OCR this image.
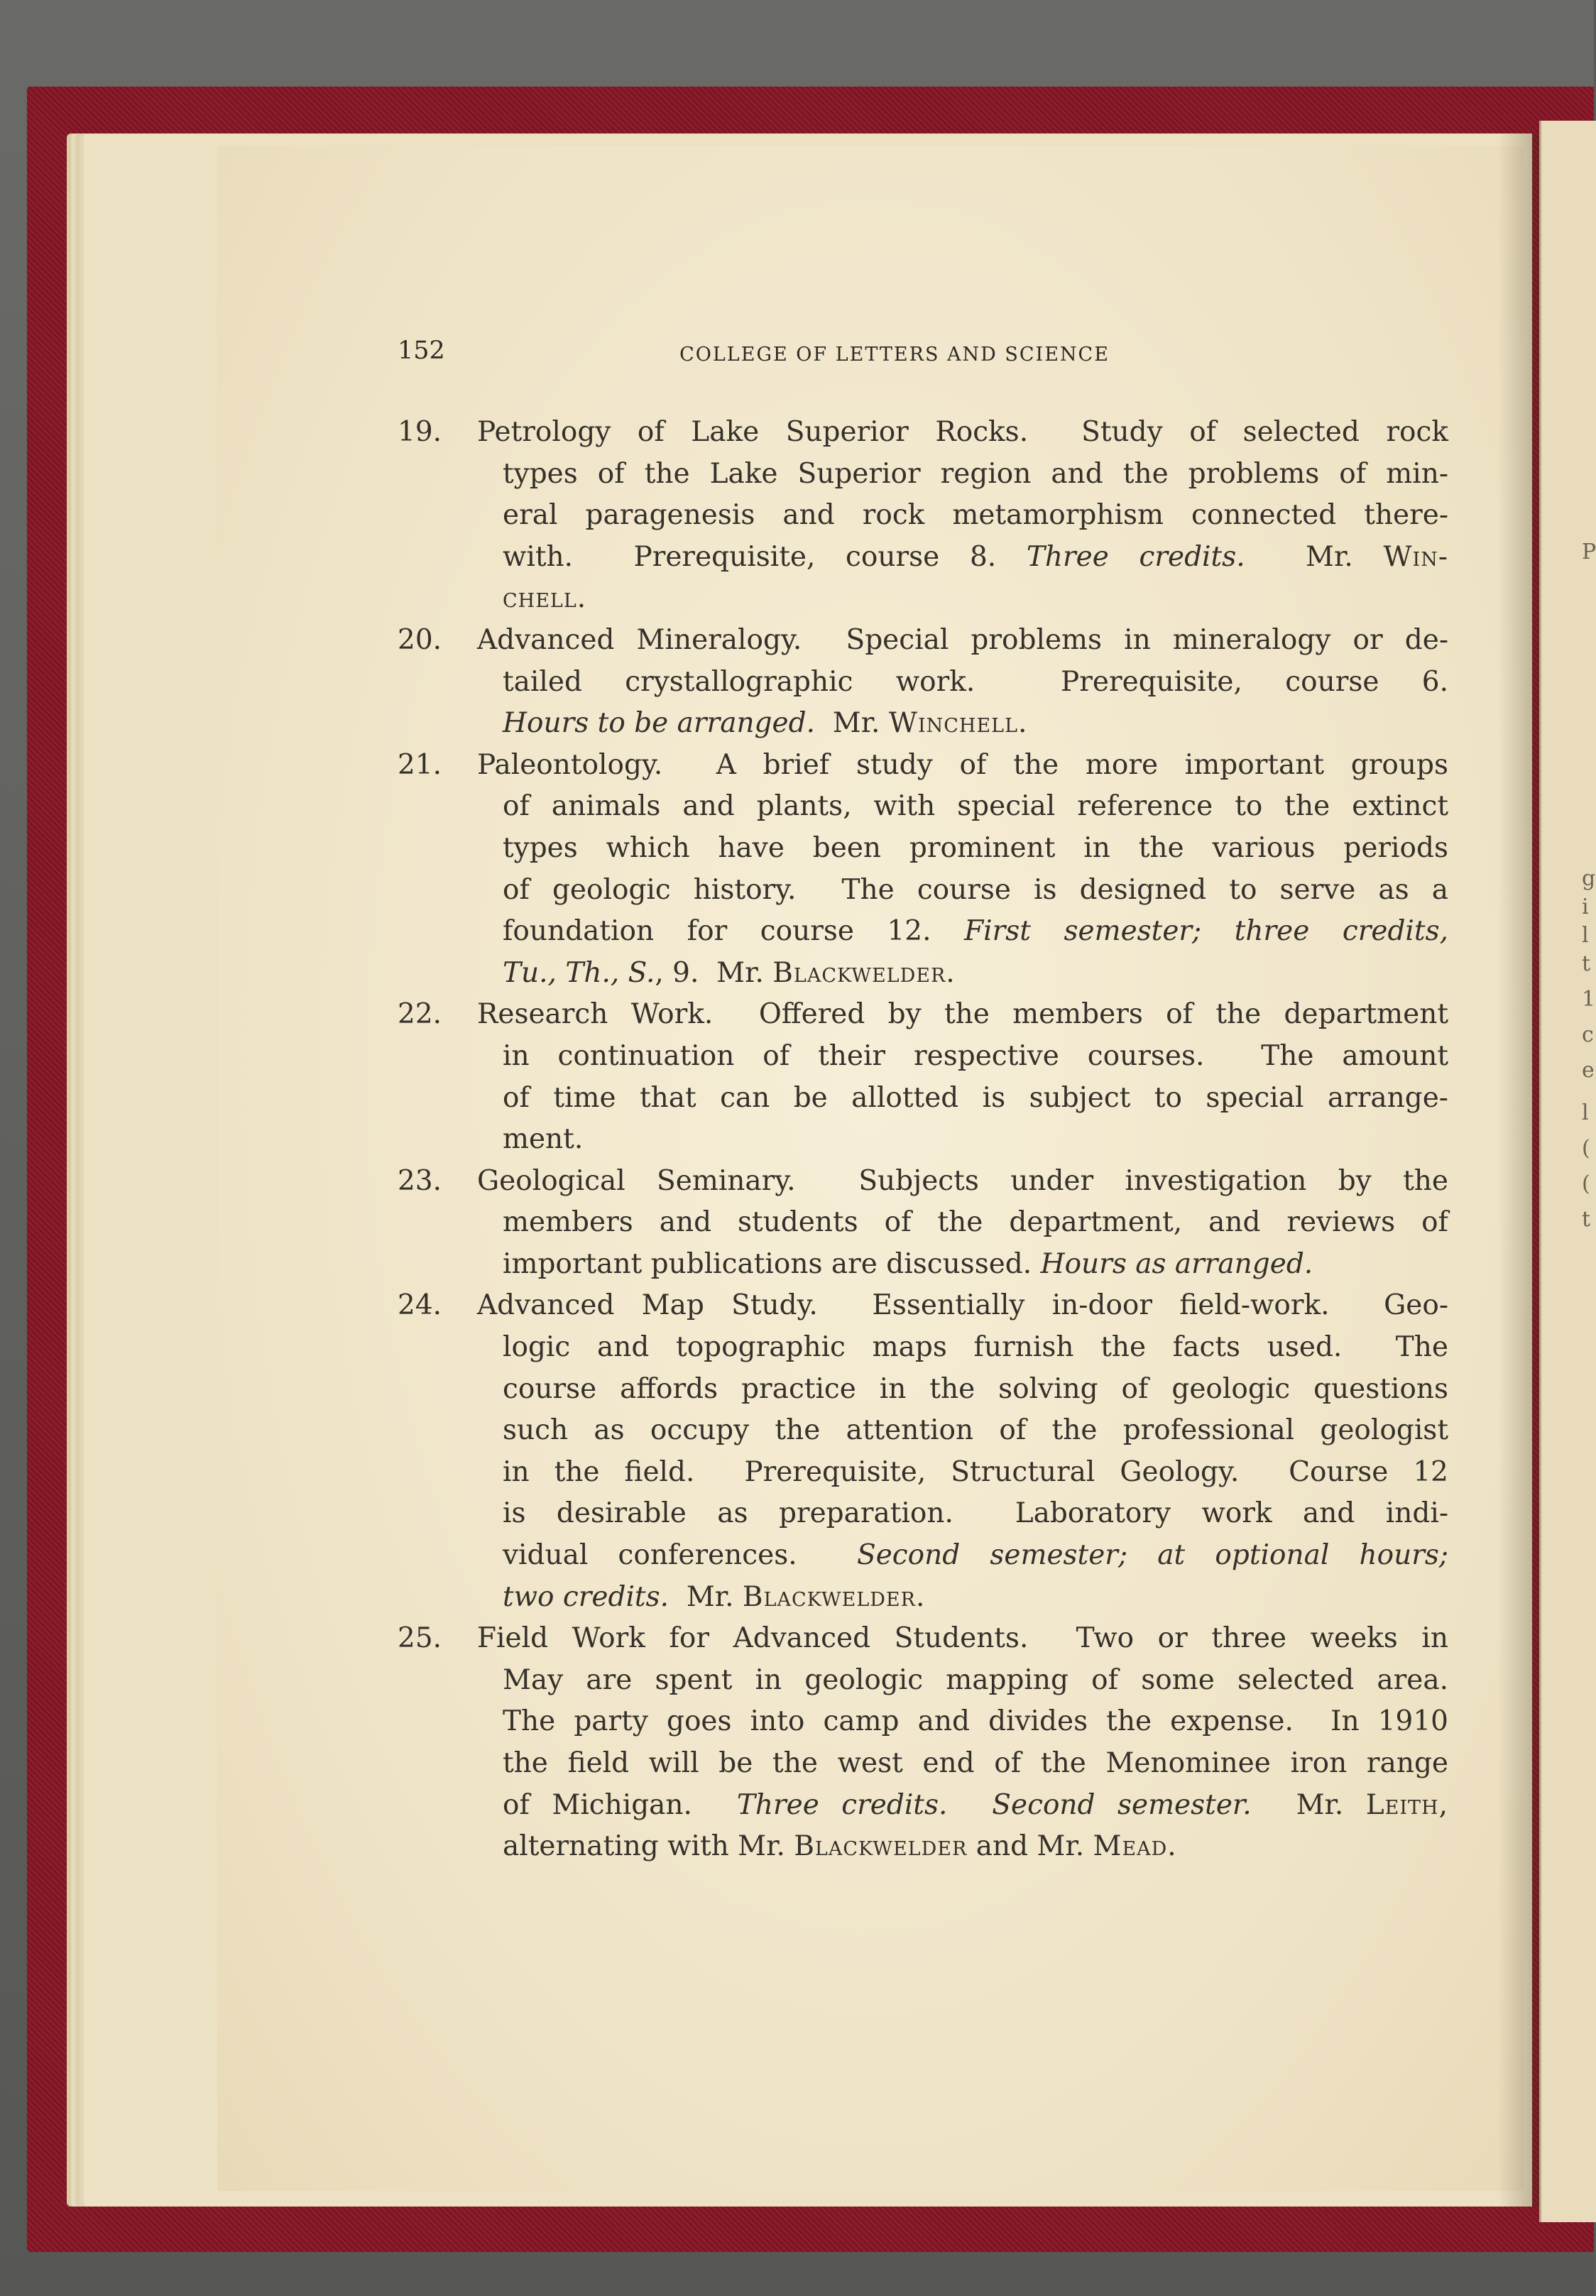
P
g
i
l
t
1
c
e
l
(
(
t
152	COLLEGE OF LETTERS AND SCIENCE
19.	Petrology of Lake Superior Rocks.  Study of selected rock
types of the Lake Superior region and the problems of min-
eral paragenesis and rock metamorphism connected there-
with.  Prerequisite, course 8. Three credits.  Mr. Win-
chell.
20.	Advanced Mineralogy.  Special problems in mineralogy or de-
tailed crystallographic work.  Prerequisite, course 6.
Hours to be arranged.  Mr. Winchell.
21.	Paleontology.  A brief study of the more important groups
of animals and plants, with special reference to the extinct
types which have been prominent in the various periods
of geologic history.  The course is designed to serve as a
foundation for course 12. First semester; three credits,
Tu., Th., S., 9.  Mr. Blackwelder.
22.	Research Work.  Offered by the members of the department
in continuation of their respective courses.  The amount
of time that can be allotted is subject to special arrange-
ment.
23.	Geological Seminary.  Subjects under investigation by the
members and students of the department, and reviews of
important publications are discussed. Hours as arranged.
24.	Advanced Map Study.  Essentially in-door field-work.  Geo-
logic and topographic maps furnish the facts used.  The
course affords practice in the solving of geologic questions
such as occupy the attention of the professional geologist
in the field.  Prerequisite, Structural Geology.  Course 12
is desirable as preparation.  Laboratory work and indi-
vidual conferences.  Second semester; at optional hours;
two credits.  Mr. Blackwelder.
25.	Field Work for Advanced Students.  Two or three weeks in
May are spent in geologic mapping of some selected area.
The party goes into camp and divides the expense.  In 1910
the field will be the west end of the Menominee iron range
of Michigan.  Three credits.  Second semester.  Mr. Leith,
alternating with Mr. Blackwelder and Mr. Mead.
